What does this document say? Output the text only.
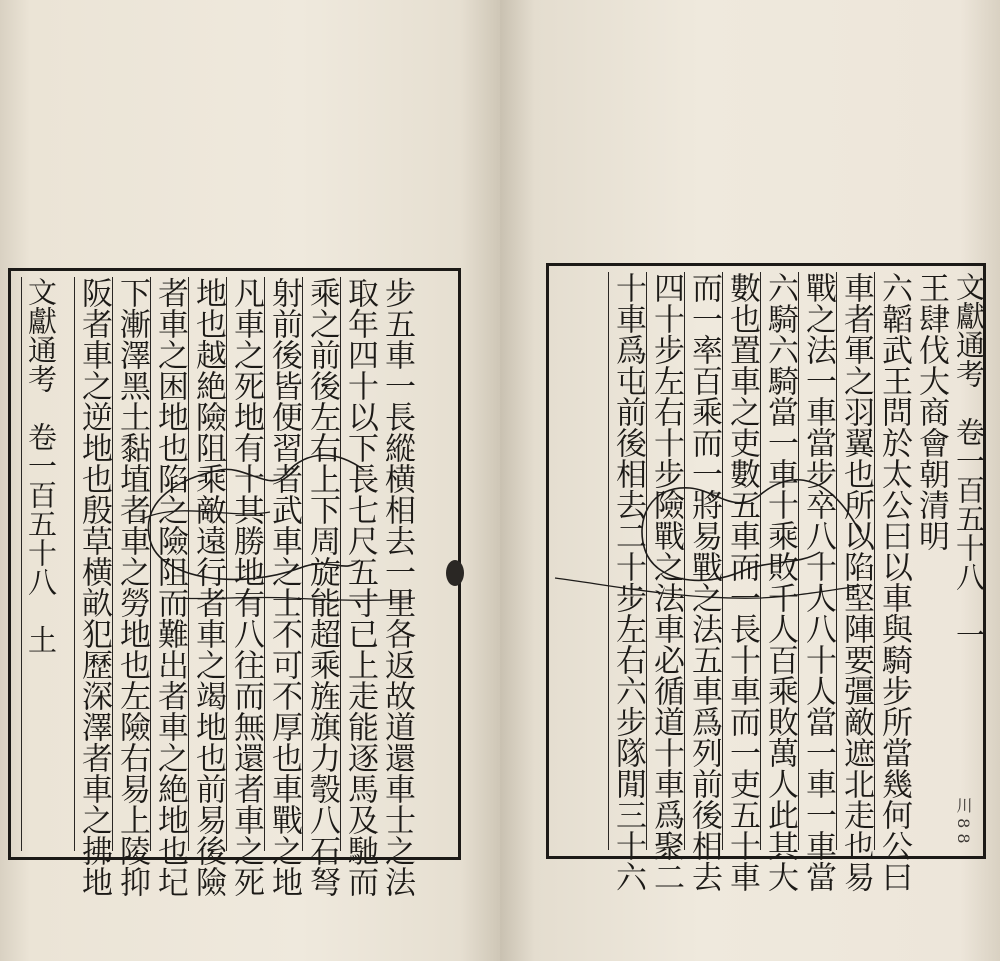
步五車一長縱横相去一里各返故道還車士之法
取年四十以下長七尺五寸已上走能逐馬及馳而
乘之前後左右上下周旋能超乘旌旗力彀八石弩
射前後皆便習者武車之士不可不厚也車戰之地
凡車之死地有十其勝地有八往而無還者車之死
地也越絶險阻乘敵遠行者車之竭地也前易後險
者車之困地也陷之險阻而難出者車之絶地也圮
下漸澤黑土黏埴者車之勞地也左險右易上陵抑
阪者車之逆地也殷草横畝犯歷深澤者車之拂地
文獻通考　卷一百五十八　土	王肆伐大商會朝清明
六韜武王問於太公曰以車與騎步所當幾何公曰
車者軍之羽翼也所以陷堅陣要彊敵遮北走也易
戰之法一車當步卒八十人八十人當一車一車當
六騎六騎當一車十乘敗千人百乘敗萬人此其大
數也置車之吏數五車而一長十車而一吏五十車
而一率百乘而一將易戰之法五車爲列前後相去
四十步左右十步險戰之法車必循道十車爲聚二
十車爲屯前後相去二十步左右六步隊閒三十六	文獻通考　卷一百五十八　一
川 8 8
